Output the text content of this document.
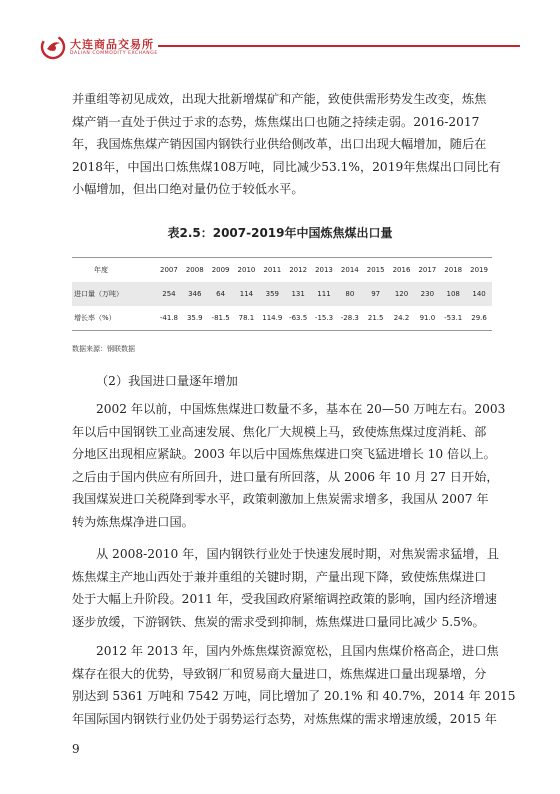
大连商品交易所
DALIAN COMMODITY EXCHANGE
并重组等初见成效，出现大批新增煤矿和产能，致使供需形势发生改变，炼焦
煤产销一直处于供过于求的态势，炼焦煤出口也随之持续走弱。2016-2017
年，我国炼焦煤产销因国内钢铁行业供给侧改革，出口出现大幅增加，随后在
2018年，中国出口炼焦煤108万吨，同比减少53.1%，2019年焦煤出口同比有
小幅增加，但出口绝对量仍位于较低水平。
表2.5：2007-2019年中国炼焦煤出口量
年度	2007	2008	2009	2010	2011	2012	2013	2014	2015	2016	2017	2018	2019
进口量（万吨）	254	346	64	114	359	131	111	80	97	120	230	108	140
增长率（%）	-41.8	35.9	-81.5	78.1	114.9	-63.5	-15.3	-28.3	21.5	24.2	91.0	-53.1	29.6
数据来源：钢联数据
（2）我国进口量逐年增加
2002 年以前，中国炼焦煤进口数量不多，基本在 20—50 万吨左右。2003
年以后中国钢铁工业高速发展、焦化厂大规模上马，致使炼焦煤过度消耗、部
分地区出现相应紧缺。2003 年以后中国炼焦煤进口突飞猛进增长 10 倍以上。
之后由于国内供应有所回升，进口量有所回落，从 2006 年 10 月 27 日开始，
我国煤炭进口关税降到零水平，政策刺激加上焦炭需求增多，我国从 2007 年
转为炼焦煤净进口国。
从 2008-2010 年，国内钢铁行业处于快速发展时期，对焦炭需求猛增，且
炼焦煤主产地山西处于兼并重组的关键时期，产量出现下降，致使炼焦煤进口
处于大幅上升阶段。2011 年，受我国政府紧缩调控政策的影响，国内经济增速
逐步放缓，下游钢铁、焦炭的需求受到抑制，炼焦煤进口量同比减少 5.5%。
2012 年 2013 年，国内外炼焦煤资源宽松，且国内焦煤价格高企，进口焦
煤存在很大的优势，导致钢厂和贸易商大量进口，炼焦煤进口量出现暴增，分
别达到 5361 万吨和 7542 万吨，同比增加了 20.1% 和 40.7%，2014 年 2015
年国际国内钢铁行业仍处于弱势运行态势，对炼焦煤的需求增速放缓，2015 年
9
